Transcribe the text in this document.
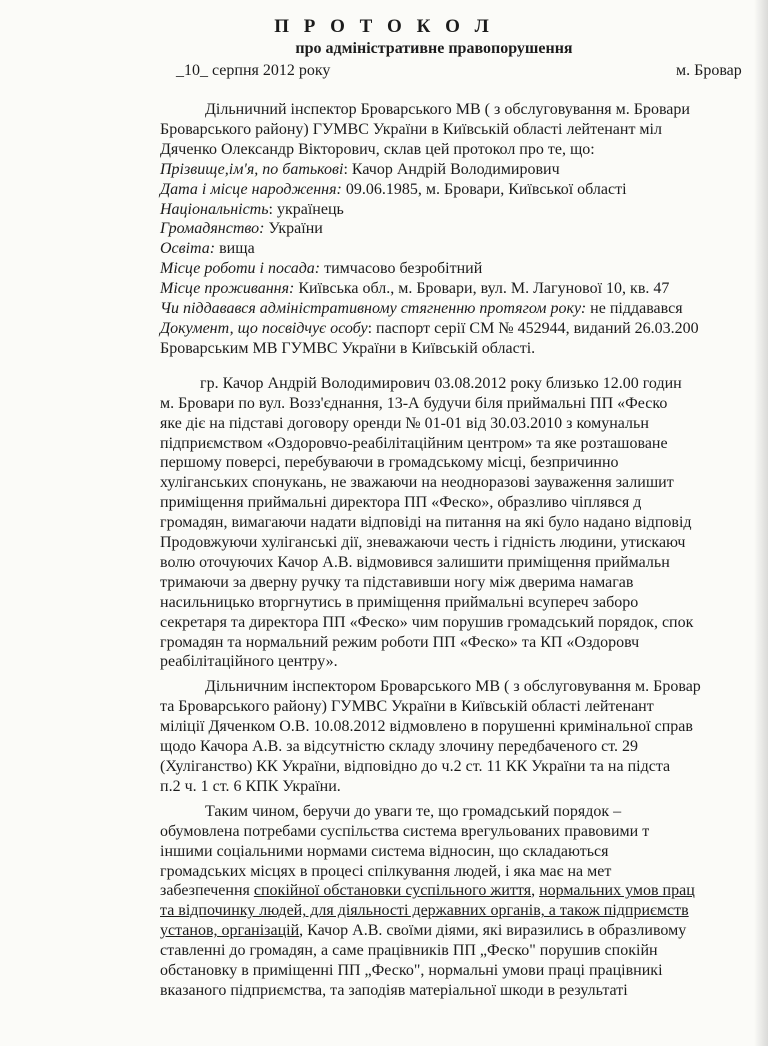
П Р О Т О К О Л
про адміністративне правопорушення
_10_ серпня 2012 року	м. Бровар
Дільничний інспектор Броварського МВ ( з обслуговування м. Бровари
Броварського району) ГУМВС України в Київській області лейтенант міл
Дяченко Олександр Вікторович, склав цей протокол про те, що:
Прізвище,ім'я, по батькові: Качор Андрій Володимирович
Дата і місце народження: 09.06.1985, м. Бровари, Київської області
Національність: українець
Громадянство: України
Освіта: вища
Місце роботи і посада: тимчасово безробітний
Місце проживання: Київська обл., м. Бровари, вул. М. Лагунової 10, кв. 47
Чи піддавався адміністративному стягненню протягом року: не піддавався
Документ, що посвідчує особу: паспорт серії СМ № 452944, виданий 26.03.200
Броварським МВ ГУМВС України в Київській області.
гр. Качор Андрій Володимирович 03.08.2012 року близько 12.00 годин
м. Бровари по вул. Возз'єднання, 13-А будучи біля приймальні ПП «Феско
яке діє на підставі договору оренди № 01-01 від 30.03.2010 з комунальн
підприємством «Оздоровчо-реабілітаційним центром» та яке розташоване
першому поверсі, перебуваючи в громадському місці, безпричинно
хуліганських спонукань, не зважаючи на неодноразові зауваження залишит
приміщення приймальні директора ПП «Феско», образливо чіплявся д
громадян, вимагаючи надати відповіді на питання на які було надано відповід
Продовжуючи хуліганські дії, зневажаючи честь і гідність людини, утискаюч
волю оточуючих Качор А.В. відмовився залишити приміщення приймальн
тримаючи за дверну ручку та підставивши ногу між дверима намагав
насильницько вторгнутись в приміщення приймальні всупереч заборо
секретаря та директора ПП «Феско» чим порушив громадський порядок, спок
громадян та нормальний режим роботи ПП «Феско» та КП «Оздоровч
реабілітаційного центру».
Дільничним інспектором Броварського МВ ( з обслуговування м. Бровар
та Броварського району) ГУМВС України в Київській області лейтенант
міліції Дяченком О.В. 10.08.2012 відмовлено в порушенні кримінальної справ
щодо Качора А.В. за відсутністю складу злочину передбаченого ст. 29
(Хуліганство) КК України, відповідно до ч.2 ст. 11 КК України та на підста
п.2 ч. 1 ст. 6 КПК України.
Таким чином, беручи до уваги те, що громадський порядок –
обумовлена потребами суспільства система врегульованих правовими т
іншими соціальними нормами система відносин, що складаються
громадських місцях в процесі спілкування людей, і яка має на мет
забезпечення спокійної обстановки суспільного життя, нормальних умов прац
та відпочинку людей, для діяльності державних органів, а також підприємств
установ, організацій, Качор А.В. своїми діями, які виразились в образливому
ставленні до громадян, а саме працівників ПП „Феско" порушив спокійн
обстановку в приміщенні ПП „Феско", нормальні умови праці працівникі
вказаного підприємства, та заподіяв матеріальної шкоди в результаті
